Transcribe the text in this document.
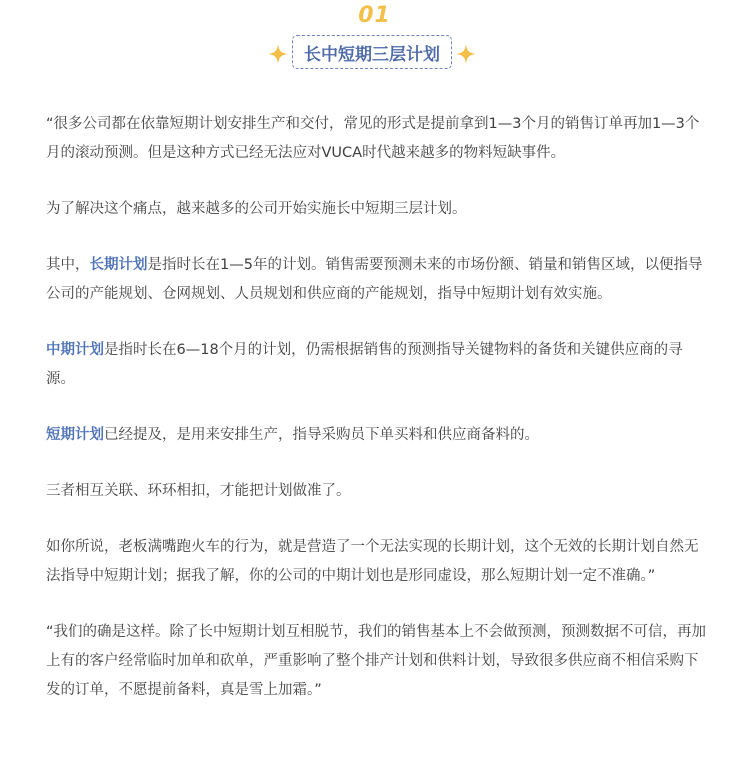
01
长中短期三层计划

“很多公司都在依靠短期计划安排生产和交付，常见的形式是提前拿到1—3个月的销售订单再加1—3个月的滚动预测。但是这种方式已经无法应对VUCA时代越来越多的物料短缺事件。

为了解决这个痛点，越来越多的公司开始实施长中短期三层计划。

其中，长期计划是指时长在1—5年的计划。销售需要预测未来的市场份额、销量和销售区域，以便指导公司的产能规划、仓网规划、人员规划和供应商的产能规划，指导中短期计划有效实施。

中期计划是指时长在6—18个月的计划，仍需根据销售的预测指导关键物料的备货和关键供应商的寻源。

短期计划已经提及，是用来安排生产，指导采购员下单买料和供应商备料的。

三者相互关联、环环相扣，才能把计划做准了。

如你所说，老板满嘴跑火车的行为，就是营造了一个无法实现的长期计划，这个无效的长期计划自然无法指导中短期计划；据我了解，你的公司的中期计划也是形同虚设，那么短期计划一定不准确。”

“我们的确是这样。除了长中短期计划互相脱节，我们的销售基本上不会做预测，预测数据不可信，再加上有的客户经常临时加单和砍单，严重影响了整个排产计划和供料计划，导致很多供应商不相信采购下发的订单，不愿提前备料，真是雪上加霜。”
